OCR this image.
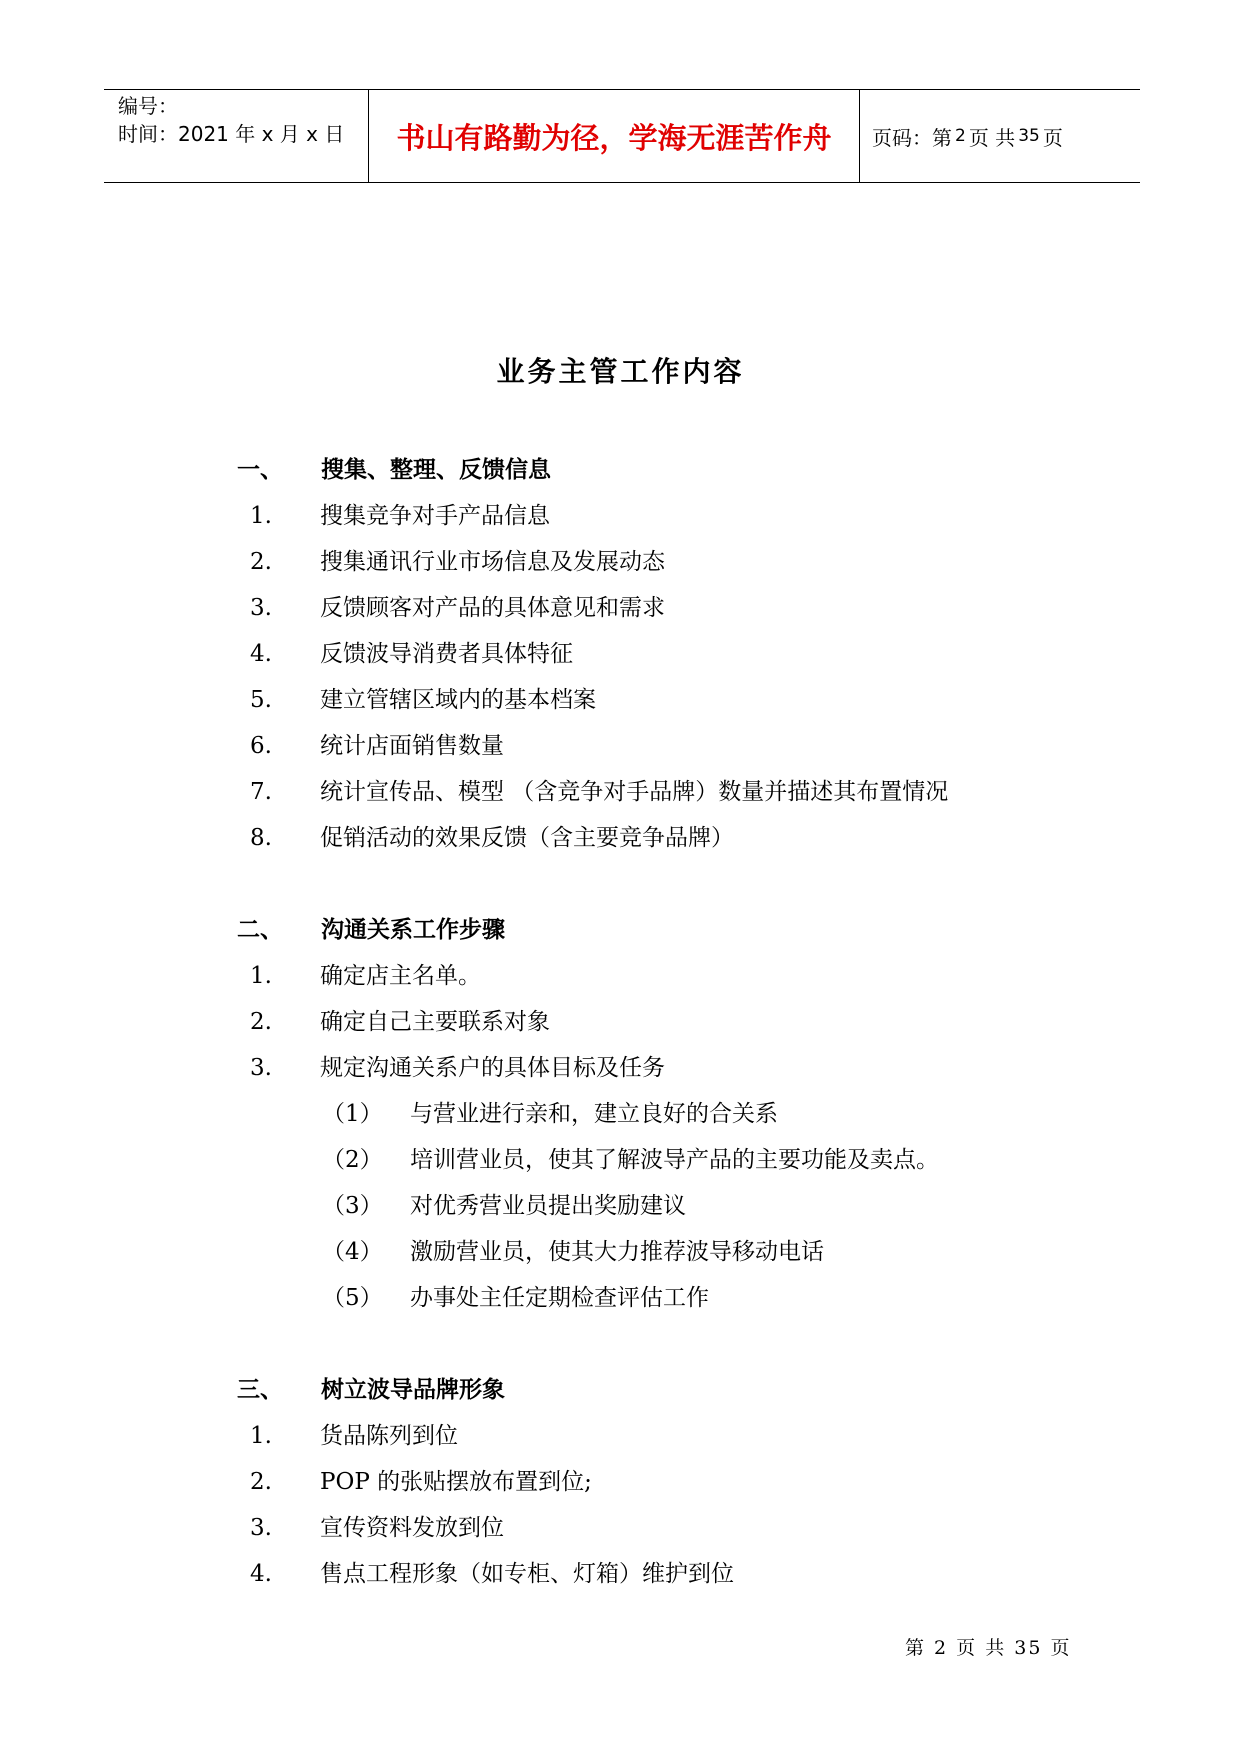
编号：
时间：2021 年 x 月 x 日	书山有路勤为径，学海无涯苦作舟	页码：第 2 页 共 35 页
业务主管工作内容
一、 搜集、整理、反馈信息
1. 搜集竞争对手产品信息
2. 搜集通讯行业市场信息及发展动态
3. 反馈顾客对产品的具体意见和需求
4. 反馈波导消费者具体特征
5. 建立管辖区域内的基本档案
6. 统计店面销售数量
7. 统计宣传品、模型 （含竞争对手品牌）数量并描述其布置情况
8. 促销活动的效果反馈（含主要竞争品牌）
二、 沟通关系工作步骤
1. 确定店主名单。
2. 确定自己主要联系对象
3. 规定沟通关系户的具体目标及任务
（1） 与营业进行亲和，建立良好的合关系
（2） 培训营业员，使其了解波导产品的主要功能及卖点。
（3） 对优秀营业员提出奖励建议
（4） 激励营业员，使其大力推荐波导移动电话
（5） 办事处主任定期检查评估工作
三、 树立波导品牌形象
1. 货品陈列到位
2. POP 的张贴摆放布置到位;
3. 宣传资料发放到位
4. 售点工程形象（如专柜、灯箱）维护到位
第 2 页 共 35 页
